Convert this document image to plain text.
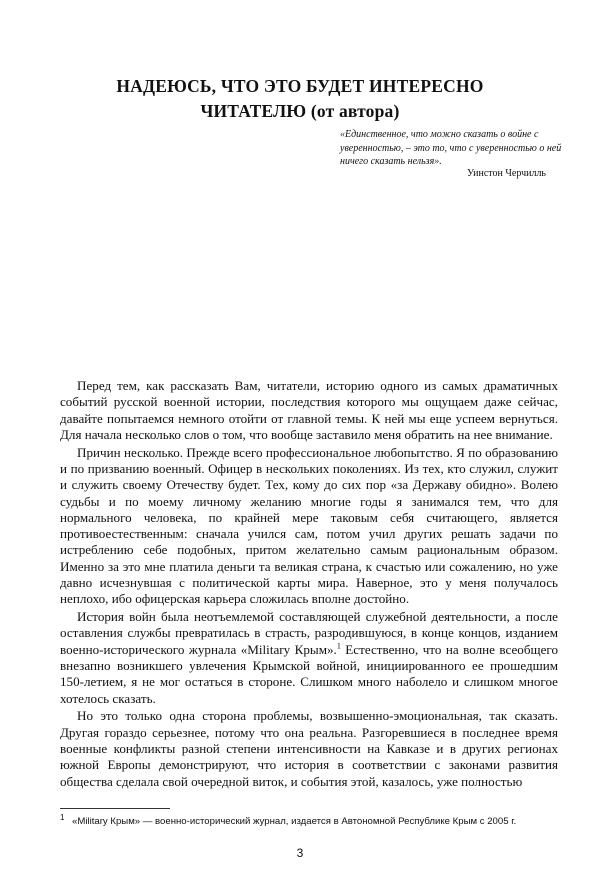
НАДЕЮСЬ, ЧТО ЭТО БУДЕТ ИНТЕРЕСНО
ЧИТАТЕЛЮ (от автора)
«Единственное, что можно сказать о войне с уверенностью, – это то, что с уверенностью о ней ничего сказать нельзя».
Уинстон Черчилль

Перед тем, как рассказать Вам, читатели, историю одного из самых драматичных событий русской военной истории, последствия которого мы ощущаем даже сейчас, давайте попытаемся немного отойти от главной темы. К ней мы еще успеем вернуться. Для начала несколько слов о том, что вообще заставило меня обратить на нее внимание.

Причин несколько. Прежде всего профессиональное любопытство. Я по образованию и по призванию военный. Офицер в нескольких поколениях. Из тех, кто служил, служит и служить своему Отечеству будет. Тех, кому до сих пор «за Державу обидно». Волею судьбы и по моему личному желанию многие годы я занимался тем, что для нормального человека, по крайней мере таковым себя считающего, является противоестественным: сначала учился сам, потом учил других решать задачи по истреблению себе подобных, притом желательно самым рациональным образом. Именно за это мне платила деньги та великая страна, к счастью или сожалению, но уже давно исчезнувшая с политической карты мира. Наверное, это у меня получалось неплохо, ибо офицерская карьера сложилась вполне достойно.

История войн была неотъемлемой составляющей служебной деятельности, а после оставления службы превратилась в страсть, разродившуюся, в конце концов, изданием военно-исторического журнала «Military Крым».$^1$ Естественно, что на волне всеобщего внезапно возникшего увлечения Крымской войной, инициированного ее прошедшим 150-летием, я не мог остаться в стороне. Слишком много наболело и слишком многое хотелось сказать.

Но это только одна сторона проблемы, возвышенно-эмоциональная, так сказать. Другая гораздо серьезнее, потому что она реальна. Разгоревшиеся в последнее время военные конфликты разной степени интенсивности на Кавказе и в других регионах южной Европы демонстрируют, что история в соответствии с законами развития общества сделала свой очередной виток, и события этой, казалось, уже полностью

$^1$ «Military Крым» — военно-исторический журнал, издается в Автономной Республике Крым с 2005 г.
3
